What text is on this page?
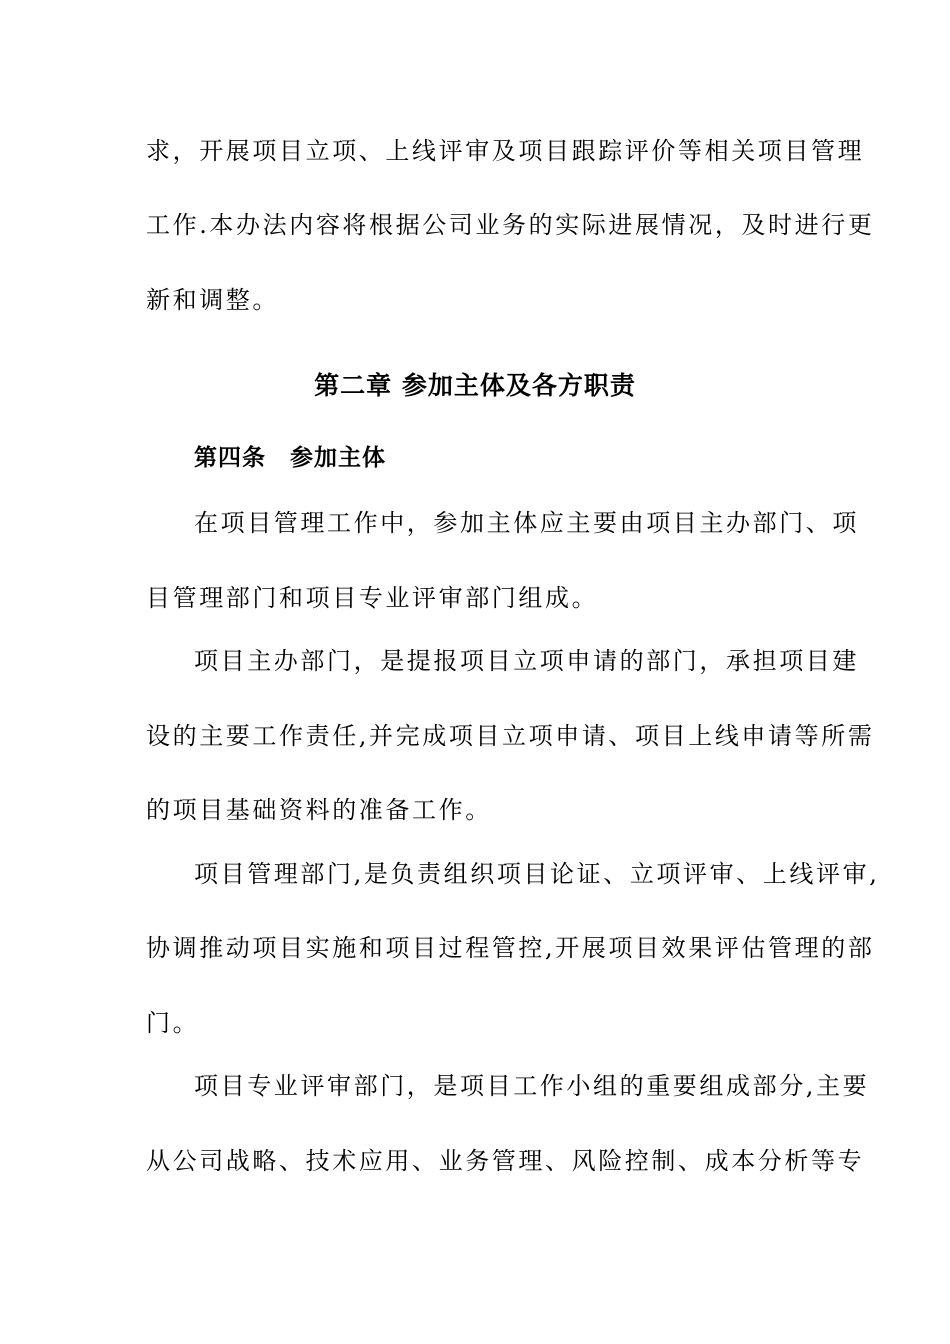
求，开展项目立项、上线评审及项目跟踪评价等相关项目管理
工作.本办法内容将根据公司业务的实际进展情况，及时进行更
新和调整。
第二章 参加主体及各方职责
第四条　参加主体
在项目管理工作中，参加主体应主要由项目主办部门、项
目管理部门和项目专业评审部门组成。
项目主办部门，是提报项目立项申请的部门，承担项目建
设的主要工作责任,并完成项目立项申请、项目上线申请等所需
的项目基础资料的准备工作。
项目管理部门,是负责组织项目论证、立项评审、上线评审,
协调推动项目实施和项目过程管控,开展项目效果评估管理的部
门。
项目专业评审部门，是项目工作小组的重要组成部分,主要
从公司战略、技术应用、业务管理、风险控制、成本分析等专
